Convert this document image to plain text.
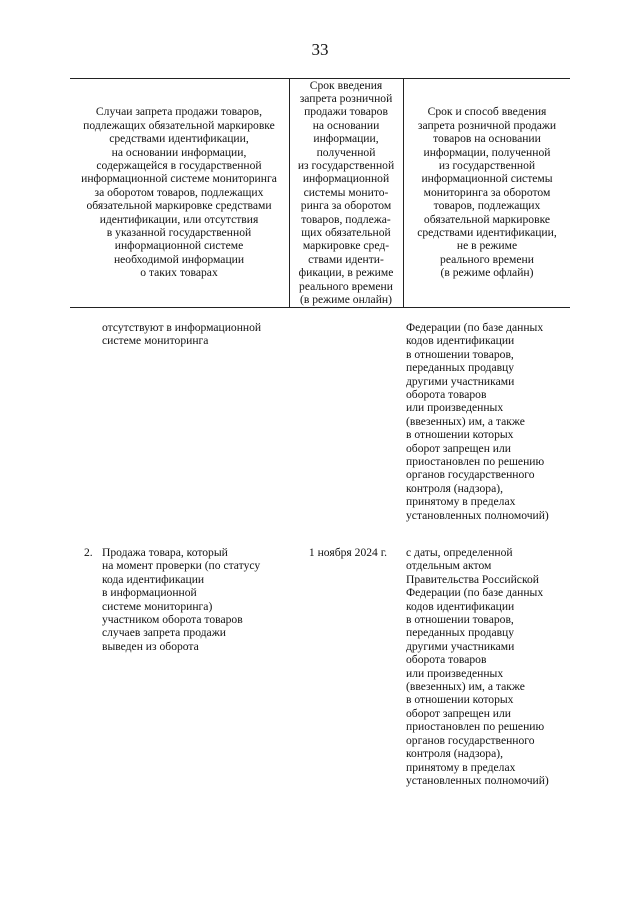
33
Случаи запрета продажи товаров,
подлежащих обязательной маркировке
средствами идентификации,
на основании информации,
содержащейся в государственной
информационной системе мониторинга
за оборотом товаров, подлежащих
обязательной маркировке средствами
идентификации, или отсутствия
в указанной государственной
информационной системе
необходимой информации
о таких товарах
Срок введения
запрета розничной
продажи товаров
на основании
информации,
полученной
из государственной
информационной
системы монито-
ринга за оборотом
товаров, подлежа-
щих обязательной
маркировке сред-
ствами иденти-
фикации, в режиме
реального времени
(в режиме онлайн)
Срок и способ введения
запрета розничной продажи
товаров на основании
информации, полученной
из государственной
информационной системы
мониторинга за оборотом
товаров, подлежащих
обязательной маркировке
средствами идентификации,
не в режиме
реального времени
(в режиме офлайн)
отсутствуют в информационной
системе мониторинга
Федерации (по базе данных
кодов идентификации
в отношении товаров,
переданных продавцу
другими участниками
оборота товаров
или произведенных
(ввезенных) им, а также
в отношении которых
оборот запрещен или
приостановлен по решению
органов государственного
контроля (надзора),
принятому в пределах
установленных полномочий)
2. Продажа товара, который
на момент проверки (по статусу
кода идентификации
в информационной
системе мониторинга)
участником оборота товаров
случаев запрета продажи
выведен из оборота
1 ноября 2024 г.	с даты, определенной
отдельным актом
Правительства Российской
Федерации (по базе данных
кодов идентификации
в отношении товаров,
переданных продавцу
другими участниками
оборота товаров
или произведенных
(ввезенных) им, а также
в отношении которых
оборот запрещен или
приостановлен по решению
органов государственного
контроля (надзора),
принятому в пределах
установленных полномочий)
